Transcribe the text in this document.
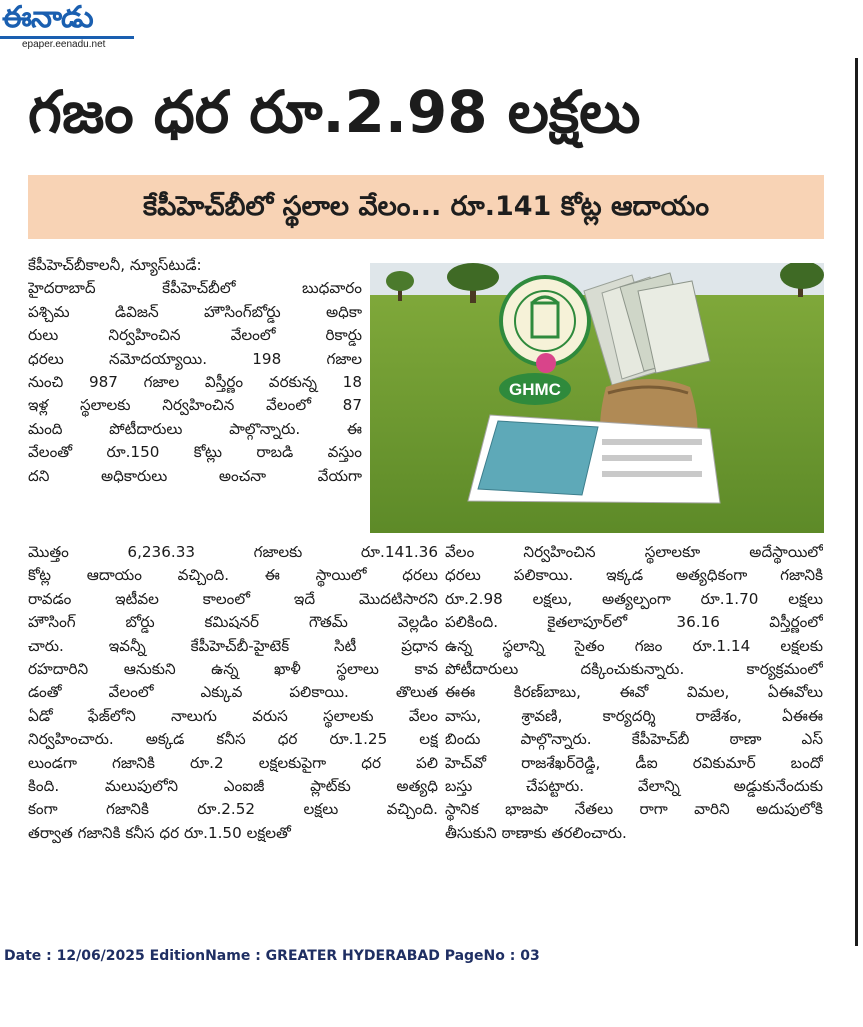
ఈనాడు
epaper.eenadu.net
గజం ధర రూ.2.98 లక్షలు
కేపీహెచ్‌బీలో స్థలాల వేలం... రూ.141 కోట్ల ఆదాయం
కేపీహెచ్‌బీకాలనీ, న్యూస్‌టుడే:
హైదరాబాద్ కేపీహెచ్‌బీలో బుధవారం
పశ్చిమ డివిజన్ హౌసింగ్‌బోర్డు అధికా
రులు నిర్వహించిన వేలంలో రికార్డు
ధరలు నమోదయ్యాయి. 198 గజాల
నుంచి 987 గజాల విస్తీర్ణం వరకున్న 18
ఇళ్ల స్థలాలకు నిర్వహించిన వేలంలో 87
మంది పోటీదారులు పాల్గొన్నారు. ఈ
వేలంతో రూ.150 కోట్లు రాబడి వస్తుం
దని అధికారులు అంచనా వేయగా
మొత్తం 6,236.33 గజాలకు రూ.141.36
కోట్ల ఆదాయం వచ్చింది. ఈ స్థాయిలో ధరలు
రావడం ఇటీవల కాలంలో ఇదే మొదటిసారని
హౌసింగ్ బోర్డు కమిషనర్ గౌతమ్ వెల్లడిం
చారు. ఇవన్నీ కేపీహెచ్‌బీ-హైటెక్ సిటీ ప్రధాన
రహదారిని ఆనుకుని ఉన్న ఖాళీ స్థలాలు కావ
డంతో వేలంలో ఎక్కువ పలికాయి. తొలుత
ఏడో ఫేజ్‌లోని నాలుగు వరుస స్థలాలకు వేలం
నిర్వహించారు. అక్కడ కనీస ధర రూ.1.25 లక్ష
లుండగా గజానికి రూ.2 లక్షలకుపైగా ధర పలి
కింది. మలుపులోని ఎంఐజీ ప్లాట్‌కు అత్యధి
కంగా గజానికి రూ.2.52 లక్షలు వచ్చింది.
తర్వాత గజానికి కనీస ధర రూ.1.50 లక్షలతో
వేలం నిర్వహించిన స్థలాలకూ అదేస్థాయిలో
ధరలు పలికాయి. ఇక్కడ అత్యధికంగా గజానికి
రూ.2.98 లక్షలు, అత్యల్పంగా రూ.1.70 లక్షలు
పలికింది. కైతలాపూర్‌లో 36.16 విస్తీర్ణంలో
ఉన్న స్థలాన్ని సైతం గజం రూ.1.14 లక్షలకు
పోటీదారులు దక్కించుకున్నారు. కార్యక్రమంలో
ఈఈ కిరణ్‌బాబు, ఈవో విమల, ఏఈవోలు
వాసు, శ్రావణి, కార్యదర్శి రాజేశం, ఏఈఈ
బిందు పాల్గొన్నారు. కేపీహెచ్‌బీ ఠాణా ఎస్
హెచ్‌వో రాజశేఖర్‌రెడ్డి, డీఐ రవికుమార్ బందో
బస్తు చేపట్టారు. వేలాన్ని అడ్డుకునేందుకు
స్థానిక భాజపా నేతలు రాగా వారిని అదుపులోకి
తీసుకుని ఠాణాకు తరలించారు.
GHMC
Date : 12/06/2025 EditionName : GREATER HYDERABAD PageNo : 03
